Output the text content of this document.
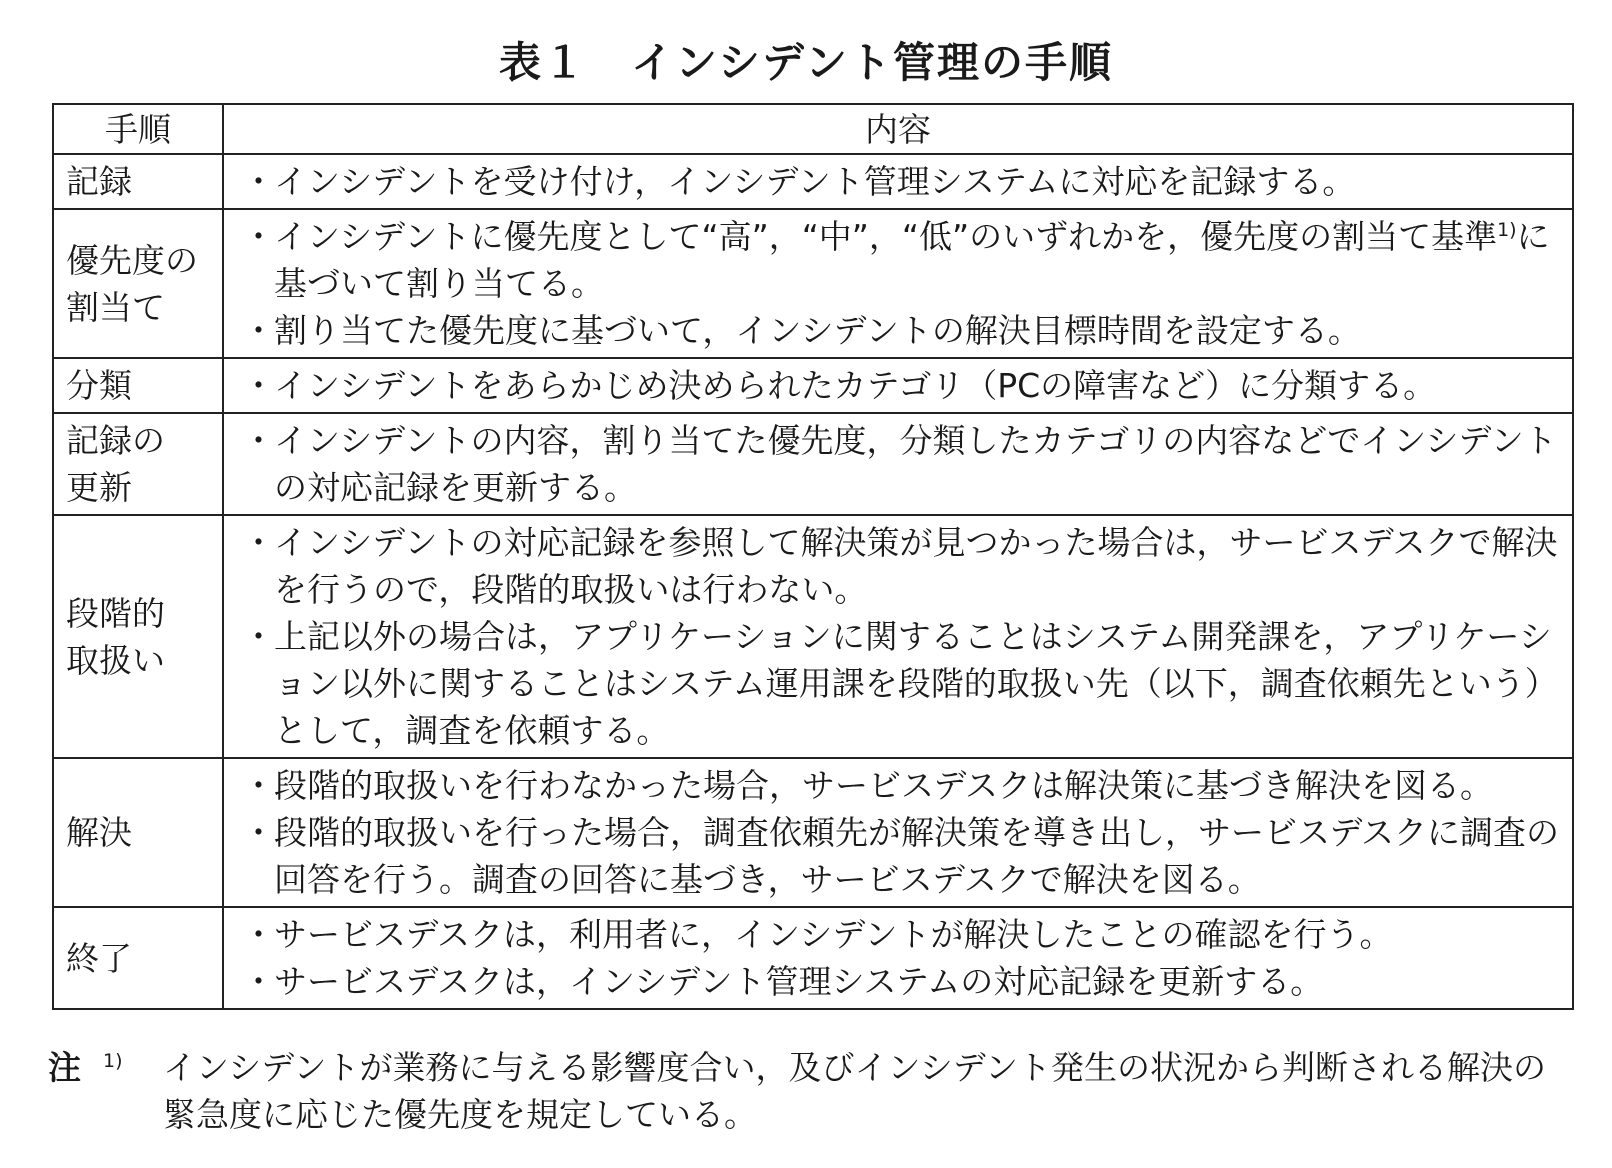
表１　インシデント管理の手順
手順	内容
記録	・ インシデントを受け付け，インシデント管理システムに対応を記録する。

優先度の割当て	・ インシデントに優先度として“高”，“中”，“低”のいずれかを，優先度の割当て基準$^{1)}$に基づいて割り当てる。
・ 割り当てた優先度に基づいて，インシデントの解決目標時間を設定する。

分類	・ インシデントをあらかじめ決められたカテゴリ（PCの障害など）に分類する。

記録の更新	・ インシデントの内容，割り当てた優先度，分類したカテゴリの内容などでインシデントの対応記録を更新する。

段階的取扱い	・ インシデントの対応記録を参照して解決策が見つかった場合は，サービスデスクで解決を行うので，段階的取扱いは行わない。
・ 上記以外の場合は，アプリケーションに関することはシステム開発課を，アプリケーション以外に関することはシステム運用課を段階的取扱い先（以下，調査依頼先という）として，調査を依頼する。

解決	・ 段階的取扱いを行わなかった場合，サービスデスクは解決策に基づき解決を図る。
・ 段階的取扱いを行った場合，調査依頼先が解決策を導き出し，サービスデスクに調査の回答を行う。調査の回答に基づき，サービスデスクで解決を図る。

終了	・ サービスデスクは，利用者に，インシデントが解決したことの確認を行う。
・ サービスデスクは，インシデント管理システムの対応記録を更新する。
注 1)	インシデントが業務に与える影響度合い，及びインシデント発生の状況から判断される解決の緊急度に応じた優先度を規定している。
